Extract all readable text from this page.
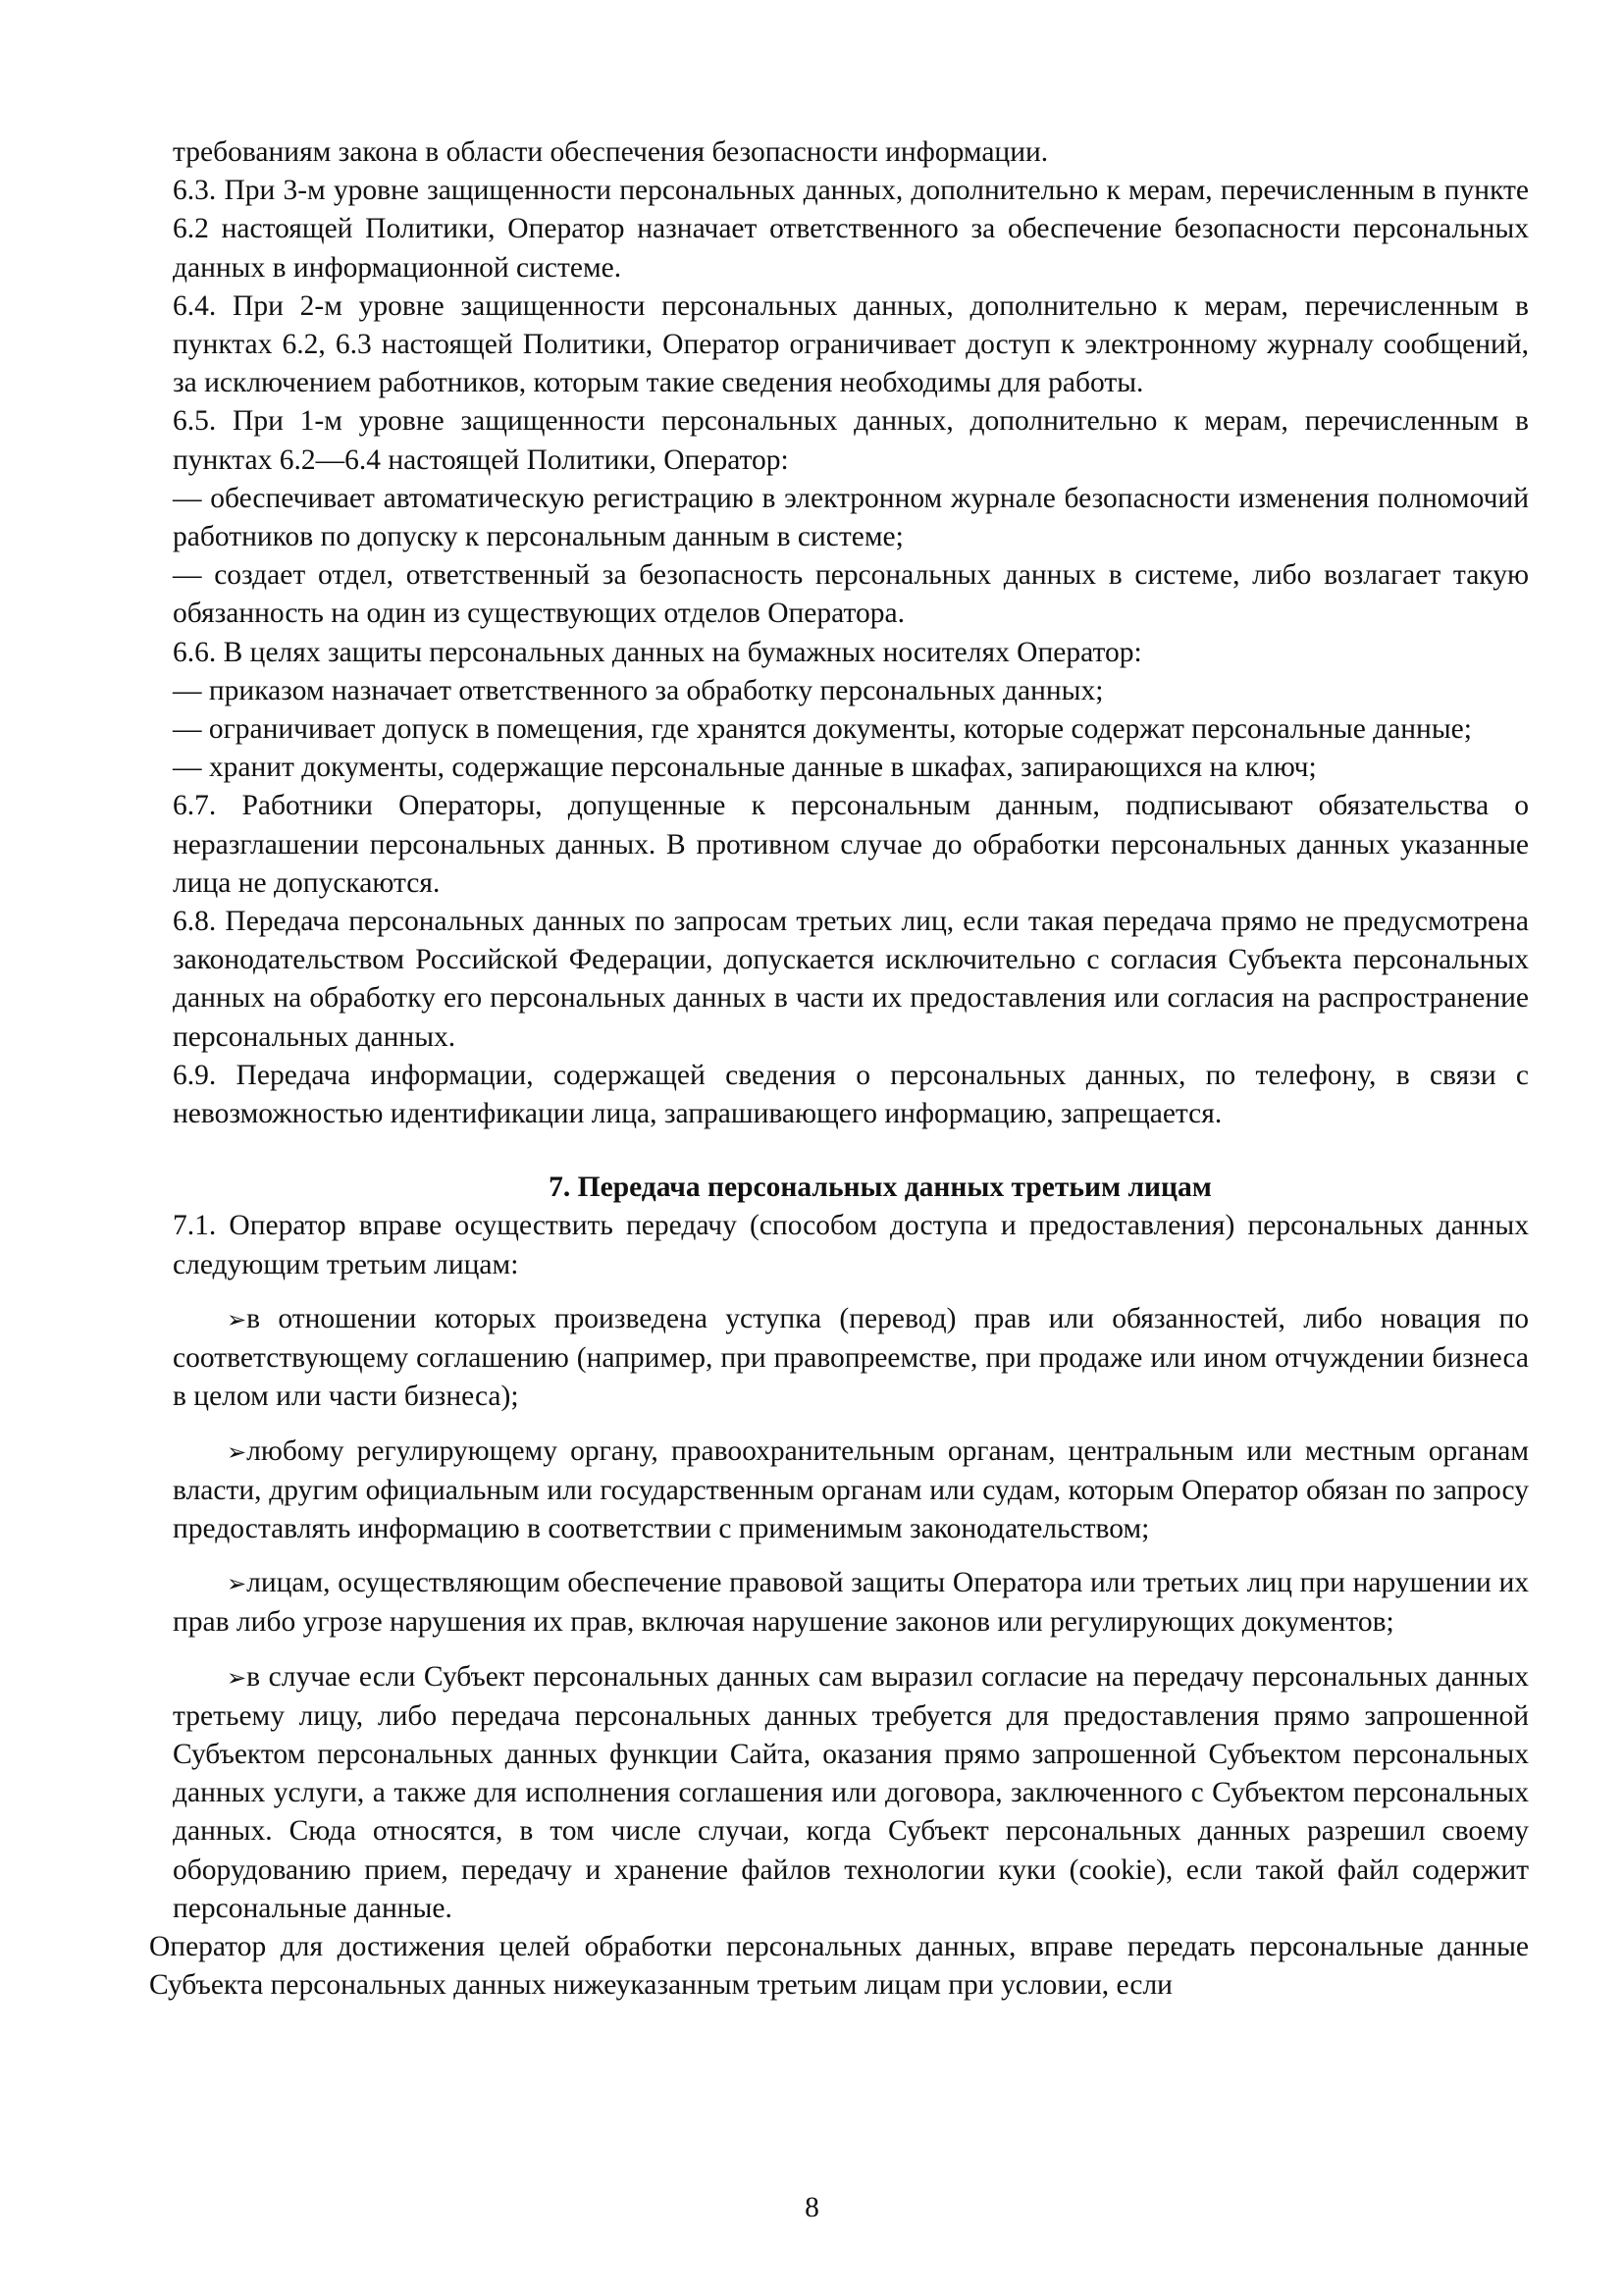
требованиям закона в области обеспечения безопасности информации.

6.3. При 3-м уровне защищенности персональных данных, дополнительно к мерам, перечисленным в пункте 6.2 настоящей Политики, Оператор назначает ответственного за обеспечение безопасности персональных данных в информационной системе.

6.4. При 2-м уровне защищенности персональных данных, дополнительно к мерам, перечисленным в пунктах 6.2, 6.3 настоящей Политики, Оператор ограничивает доступ к электронному журналу сообщений, за исключением работников, которым такие сведения необходимы для работы.

6.5. При 1-м уровне защищенности персональных данных, дополнительно к мерам, перечисленным в пунктах 6.2—6.4 настоящей Политики, Оператор:

— обеспечивает автоматическую регистрацию в электронном журнале безопасности изменения полномочий работников по допуску к персональным данным в системе;

— создает отдел, ответственный за безопасность персональных данных в системе, либо возлагает такую обязанность на один из существующих отделов Оператора.

6.6. В целях защиты персональных данных на бумажных носителях Оператор:

— приказом назначает ответственного за обработку персональных данных;

— ограничивает допуск в помещения, где хранятся документы, которые содержат персональные данные;

— хранит документы, содержащие персональные данные в шкафах, запирающихся на ключ;

6.7. Работники Операторы, допущенные к персональным данным, подписывают обязательства о неразглашении персональных данных. В противном случае до обработки персональных данных указанные лица не допускаются.

6.8. Передача персональных данных по запросам третьих лиц, если такая передача прямо не предусмотрена законодательством Российской Федерации, допускается исключительно с согласия Субъекта персональных данных на обработку его персональных данных в части их предоставления или согласия на распространение персональных данных.

6.9. Передача информации, содержащей сведения о персональных данных, по телефону, в связи с невозможностью идентификации лица, запрашивающего информацию, запрещается.

7. Передача персональных данных третьим лицам

7.1. Оператор вправе осуществить передачу (способом доступа и предоставления) персональных данных следующим третьим лицам:

➢в отношении которых произведена уступка (перевод) прав или обязанностей, либо новация по соответствующему соглашению (например, при правопреемстве, при продаже или ином отчуждении бизнеса в целом или части бизнеса);

➢любому регулирующему органу, правоохранительным органам, центральным или местным органам власти, другим официальным или государственным органам или судам, которым Оператор обязан по запросу предоставлять информацию в соответствии с применимым законодательством;

➢лицам, осуществляющим обеспечение правовой защиты Оператора или третьих лиц при нарушении их прав либо угрозе нарушения их прав, включая нарушение законов или регулирующих документов;

➢в случае если Субъект персональных данных сам выразил согласие на передачу персональных данных третьему лицу, либо передача персональных данных требуется для предоставления прямо запрошенной Субъектом персональных данных функции Сайта, оказания прямо запрошенной Субъектом персональных данных услуги, а также для исполнения соглашения или договора, заключенного с Субъектом персональных данных. Сюда относятся, в том числе случаи, когда Субъект персональных данных разрешил своему оборудованию прием, передачу и хранение файлов технологии куки (cookie), если такой файл содержит персональные данные.

Оператор для достижения целей обработки персональных данных, вправе передать персональные данные Субъекта персональных данных нижеуказанным третьим лицам при условии, если

8
